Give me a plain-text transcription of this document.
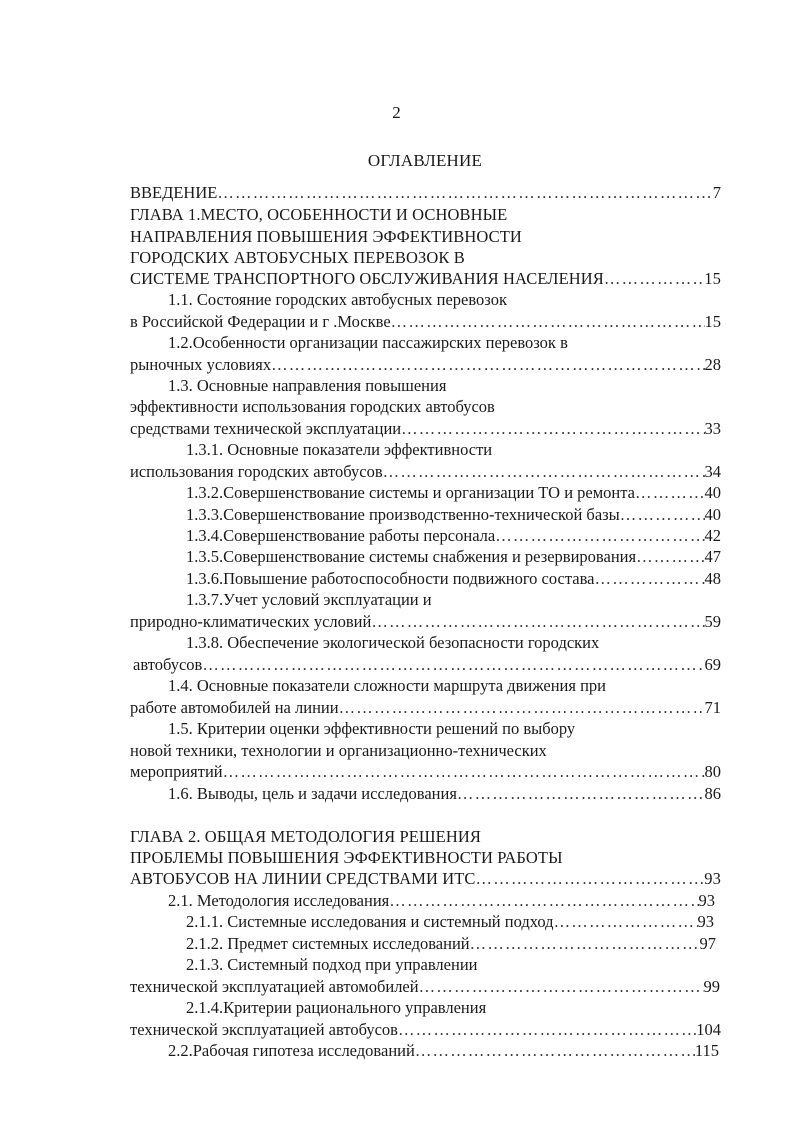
2
ОГЛАВЛЕНИЕ
ВВЕДЕНИЕ …………………………………………………………………………………………………………………………………………………………	7
ГЛАВА 1.МЕСТО, ОСОБЕННОСТИ И ОСНОВНЫЕ
НАПРАВЛЕНИЯ ПОВЫШЕНИЯ ЭФФЕКТИВНОСТИ
ГОРОДСКИХ АВТОБУСНЫХ ПЕРЕВОЗОК В
СИСТЕМЕ ТРАНСПОРТНОГО ОБСЛУЖИВАНИЯ НАСЕЛЕНИЯ …………………………………………………………………………………………………………………………………………………………	15
1.1. Состояние городских автобусных перевозок
в Российской Федерации и г .Москве …………………………………………………………………………………………………………………………………………………………	15
1.2.Особенности организации пассажирских перевозок в
рыночных условиях …………………………………………………………………………………………………………………………………………………………	28
1.3. Основные направления повышения
эффективности использования городских автобусов
средствами технической эксплуатации …………………………………………………………………………………………………………………………………………………………	33
1.3.1. Основные показатели эффективности
использования городских автобусов …………………………………………………………………………………………………………………………………………………………	34
1.3.2.Совершенствование системы и организации ТО и ремонта …………………………………………………………………………………………………………………………………………………………	40
1.3.3.Совершенствование производственно-технической базы …………………………………………………………………………………………………………………………………………………………	40
1.3.4.Совершенствование работы персонала …………………………………………………………………………………………………………………………………………………………	42
1.3.5.Совершенствование системы снабжения и резервирования …………………………………………………………………………………………………………………………………………………………	47
1.3.6.Повышение работоспособности подвижного состава …………………………………………………………………………………………………………………………………………………………	48
1.3.7.Учет условий эксплуатации и
природно-климатических условий …………………………………………………………………………………………………………………………………………………………	59
1.3.8. Обеспечение экологической безопасности городских
автобусов …………………………………………………………………………………………………………………………………………………………	69
1.4. Основные показатели сложности маршрута движения при
работе автомобилей на линии …………………………………………………………………………………………………………………………………………………………	71
1.5. Критерии оценки эффективности решений по выбору
новой техники, технологии и организационно-технических
мероприятий …………………………………………………………………………………………………………………………………………………………	80
1.6. Выводы, цель и задачи исследования …………………………………………………………………………………………………………………………………………………………	86
ГЛАВА 2. ОБЩАЯ МЕТОДОЛОГИЯ РЕШЕНИЯ
ПРОБЛЕМЫ ПОВЫШЕНИЯ ЭФФЕКТИВНОСТИ РАБОТЫ
АВТОБУСОВ НА ЛИНИИ СРЕДСТВАМИ ИТС …………………………………………………………………………………………………………………………………………………………	93
2.1. Методология исследования …………………………………………………………………………………………………………………………………………………………	93
2.1.1. Системные исследования и системный подход …………………………………………………………………………………………………………………………………………………………	93
2.1.2. Предмет системных исследований …………………………………………………………………………………………………………………………………………………………	97
2.1.3. Системный подход при управлении
технической эксплуатацией автомобилей …………………………………………………………………………………………………………………………………………………………	99
2.1.4.Критерии рационального управления
технической эксплуатацией автобусов …………………………………………………………………………………………………………………………………………………………	104
2.2.Рабочая гипотеза исследований …………………………………………………………………………………………………………………………………………………………	115
